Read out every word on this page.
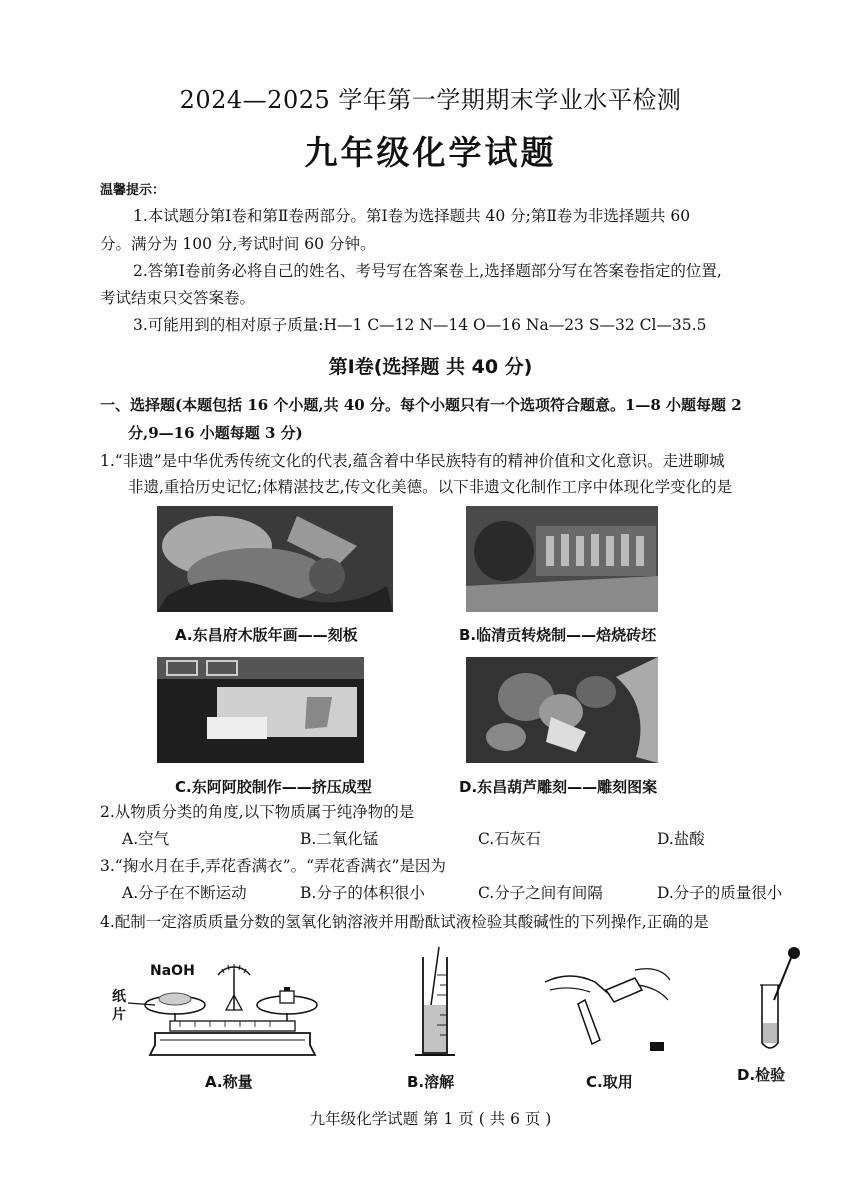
2024—2025 学年第一学期期末学业水平检测
九年级化学试题
温馨提示：
1.本试题分第Ⅰ卷和第Ⅱ卷两部分。第Ⅰ卷为选择题共 40 分;第Ⅱ卷为非选择题共 60
分。满分为 100 分,考试时间 60 分钟。
2.答第Ⅰ卷前务必将自己的姓名、考号写在答案卷上,选择题部分写在答案卷指定的位置,
考试结束只交答案卷。
3.可能用到的相对原子质量:H—1 C—12 N—14 O—16 Na—23 S—32 Cl—35.5
第Ⅰ卷(选择题 共 40 分)
一、选择题(本题包括 16 个小题,共 40 分。每个小题只有一个选项符合题意。1—8 小题每题 2
分,9—16 小题每题 3 分)
1.“非遗”是中华优秀传统文化的代表,蕴含着中华民族特有的精神价值和文化意识。走进聊城
非遗,重拾历史记忆;体精湛技艺,传文化美德。以下非遗文化制作工序中体现化学变化的是
A.东昌府木版年画——刻板	B.临清贡转烧制——焙烧砖坯
C.东阿阿胶制作——挤压成型	D.东昌葫芦雕刻——雕刻图案
2.从物质分类的角度,以下物质属于纯净物的是
A.空气	B.二氧化锰	C.石灰石	D.盐酸
3.“掬水月在手,弄花香满衣”。“弄花香满衣”是因为
A.分子在不断运动	B.分子的体积很小	C.分子之间有间隔	D.分子的质量很小
4.配制一定溶质质量分数的氢氧化钠溶液并用酚酞试液检验其酸碱性的下列操作,正确的是
NaOH
纸
片
A.称量	B.溶解	C.取用	D.检验
九年级化学试题 第 1 页 ( 共 6 页 )
